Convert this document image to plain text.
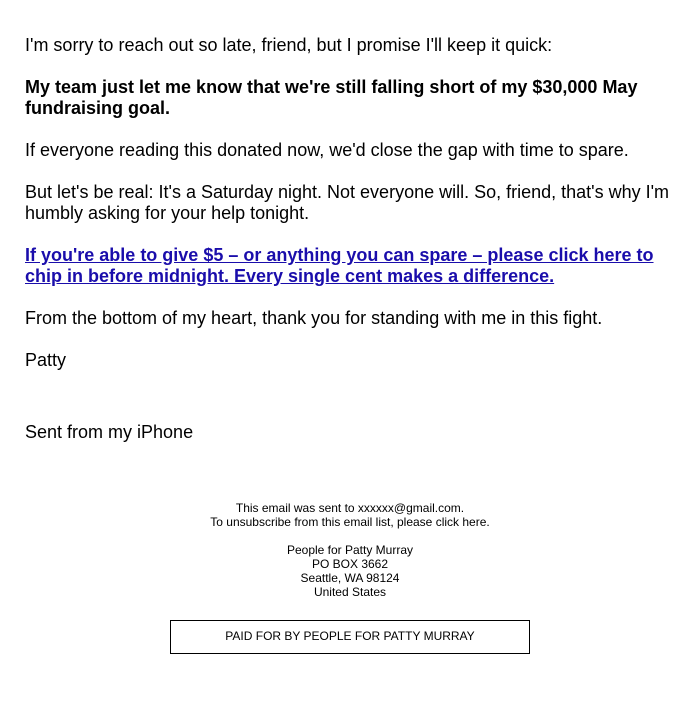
I'm sorry to reach out so late, friend, but I promise I'll keep it quick:

My team just let me know that we're still falling short of my $30,000 May fundraising goal.

If everyone reading this donated now, we'd close the gap with time to spare.

But let's be real: It's a Saturday night. Not everyone will. So, friend, that's why I'm humbly asking for your help tonight.

If you're able to give $5 – or anything you can spare – please click here to chip in before midnight. Every single cent makes a difference.

From the bottom of my heart, thank you for standing with me in this fight.

Patty

Sent from my iPhone

This email was sent to xxxxxx@gmail.com.
To unsubscribe from this email list, please click here.
People for Patty Murray
PO BOX 3662
Seattle, WA 98124
United States
PAID FOR BY PEOPLE FOR PATTY MURRAY
